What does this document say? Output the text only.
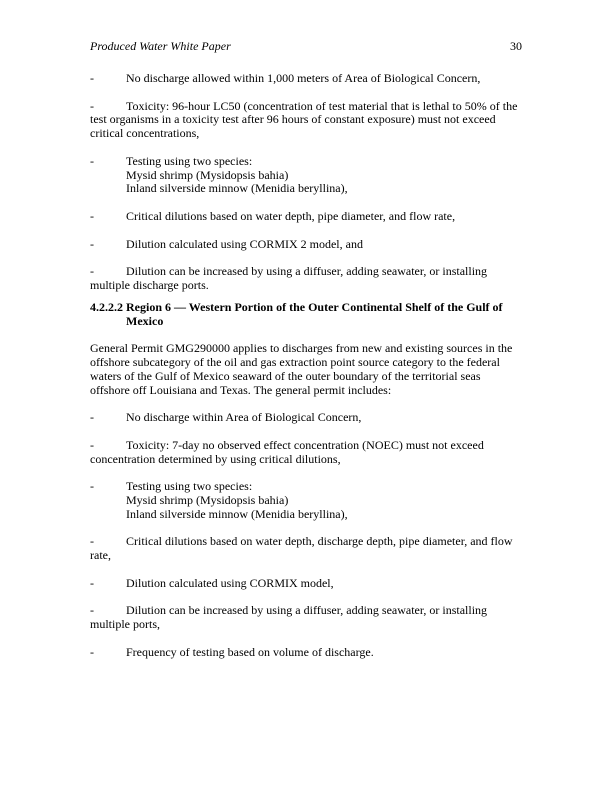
Produced Water White Paper	30
-	No discharge allowed within 1,000 meters of Area of Biological Concern,
-	Toxicity: 96-hour LC50 (concentration of test material that is lethal to 50% of the
test organisms in a toxicity test after 96 hours of constant exposure) must not exceed
critical concentrations,
-	Testing using two species:
Mysid shrimp (Mysidopsis bahia)
Inland silverside minnow (Menidia beryllina),
-	Critical dilutions based on water depth, pipe diameter, and flow rate,
-	Dilution calculated using CORMIX 2 model, and
-	Dilution can be increased by using a diffuser, adding seawater, or installing
multiple discharge ports.
4.2.2.2 Region 6 — Western Portion of the Outer Continental Shelf of the Gulf of
Mexico
General Permit GMG290000 applies to discharges from new and existing sources in the
offshore subcategory of the oil and gas extraction point source category to the federal
waters of the Gulf of Mexico seaward of the outer boundary of the territorial seas
offshore off Louisiana and Texas. The general permit includes:
-	No discharge within Area of Biological Concern,
-	Toxicity: 7-day no observed effect concentration (NOEC) must not exceed
concentration determined by using critical dilutions,
-	Testing using two species:
Mysid shrimp (Mysidopsis bahia)
Inland silverside minnow (Menidia beryllina),
-	Critical dilutions based on water depth, discharge depth, pipe diameter, and flow
rate,
-	Dilution calculated using CORMIX model,
-	Dilution can be increased by using a diffuser, adding seawater, or installing
multiple ports,
-	Frequency of testing based on volume of discharge.
